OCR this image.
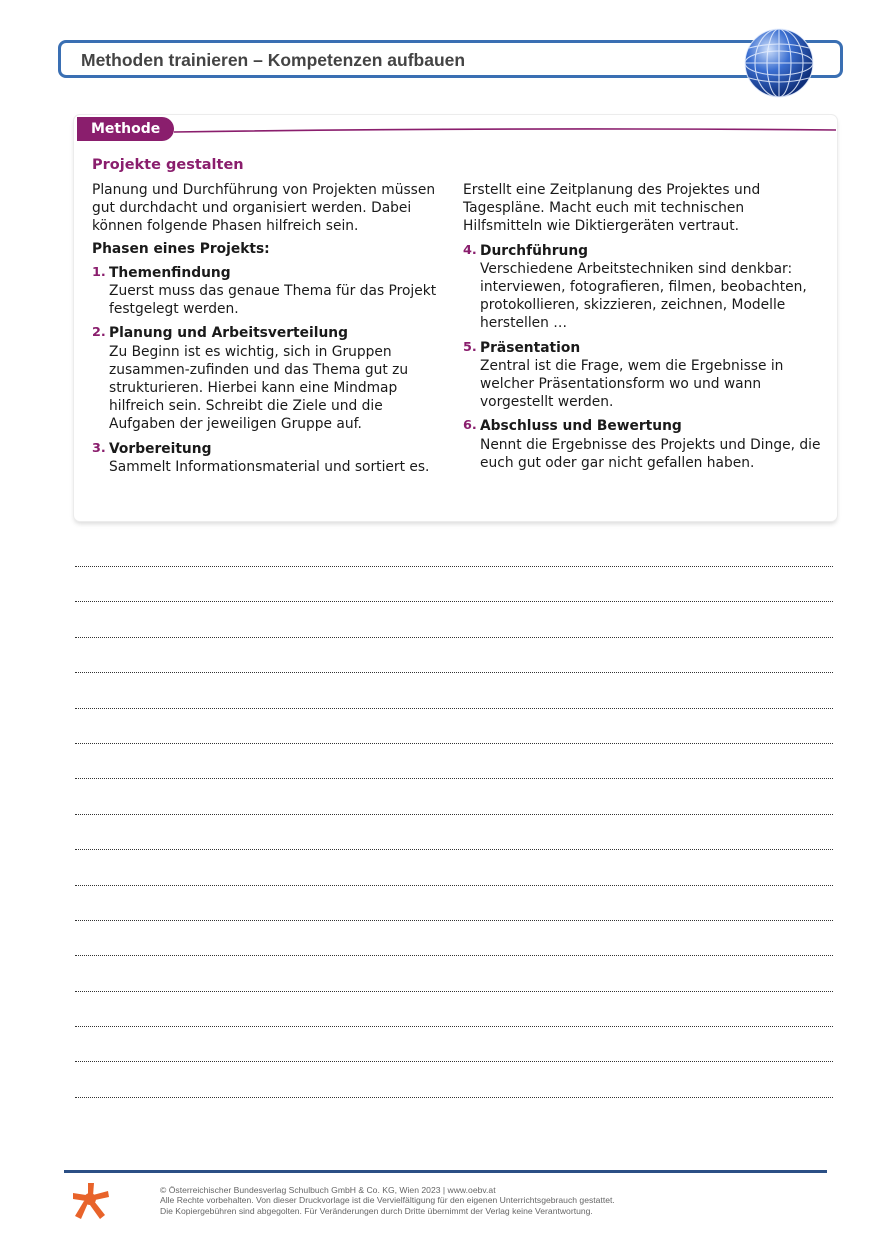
Methoden trainieren – Kompetenzen aufbauen
Methode
Projekte gestalten

Planung und Durchführung von Projekten müssen gut durchdacht und organisiert werden. Dabei können folgende Phasen hilfreich sein.

Phasen eines Projekts:

1. Themenfindung
Zuerst muss das genaue Thema für das Projekt festgelegt werden.
2. Planung und Arbeitsverteilung
Zu Beginn ist es wichtig, sich in Gruppen zusammen-zufinden und das Thema gut zu strukturieren. Hierbei kann eine Mindmap hilfreich sein. Schreibt die Ziele und die Aufgaben der jeweiligen Gruppe auf.
3. Vorbereitung
Sammelt Informationsmaterial und sortiert es.

Erstellt eine Zeitplanung des Projektes und Tagespläne. Macht euch mit technischen Hilfsmitteln wie Diktiergeräten vertraut.

4. Durchführung
Verschiedene Arbeitstechniken sind denkbar: interviewen, fotografieren, filmen, beobachten, protokollieren, skizzieren, zeichnen, Modelle herstellen …
5. Präsentation
Zentral ist die Frage, wem die Ergebnisse in welcher Präsentationsform wo und wann vorgestellt werden.
6. Abschluss und Bewertung
Nennt die Ergebnisse des Projekts und Dinge, die euch gut oder gar nicht gefallen haben.
© Österreichischer Bundesverlag Schulbuch GmbH & Co. KG, Wien 2023 | www.oebv.at
Alle Rechte vorbehalten. Von dieser Druckvorlage ist die Vervielfältigung für den eigenen Unterrichtsgebrauch gestattet.
Die Kopiergebühren sind abgegolten. Für Veränderungen durch Dritte übernimmt der Verlag keine Verantwortung.
